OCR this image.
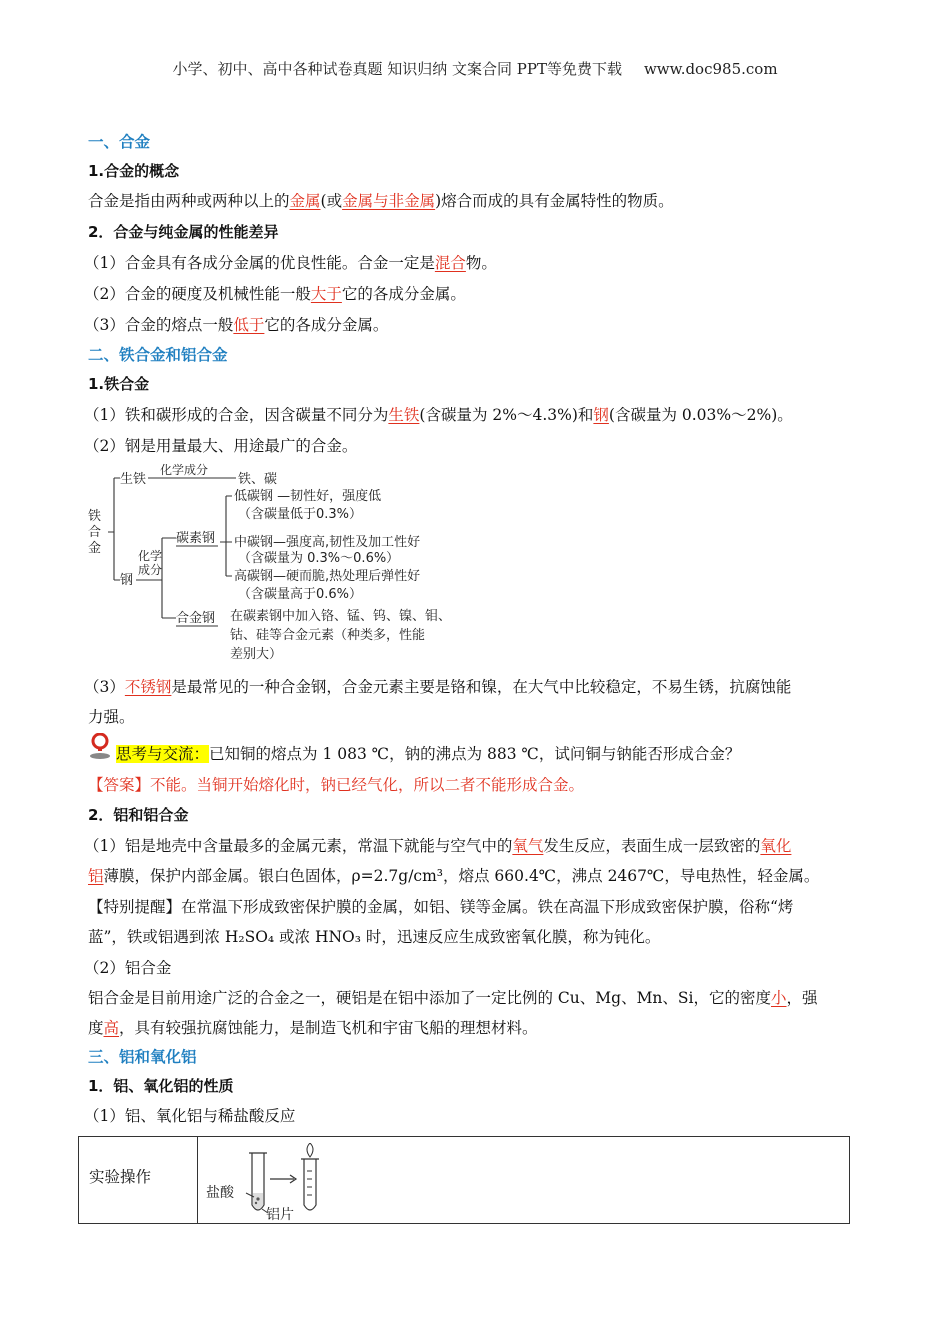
小学、初中、高中各种试卷真题 知识归纳 文案合同 PPT等免费下载 www.doc985.com
一、合金
1.合金的概念
合金是指由两种或两种以上的金属(或金属与非金属)熔合而成的具有金属特性的物质。
2．合金与纯金属的性能差异
（1）合金具有各成分金属的优良性能。合金一定是混合物。
（2）合金的硬度及机械性能一般大于它的各成分金属。
（3）合金的熔点一般低于它的各成分金属。
二、铁合金和铝合金
1.铁合金
（1）铁和碳形成的合金，因含碳量不同分为生铁(含碳量为 2%～4.3%)和钢(含碳量为 0.03%～2%)。
（2）钢是用量最大、用途最广的合金。
铁
合
金
生铁
化学成分
铁、碳
钢
化学
成分
碳素钢
低碳钢 —韧性好，强度低
（含碳量低于0.3%）
中碳钢—强度高,韧性及加工性好
（含碳量为 0.3%～0.6%）
高碳钢—硬而脆,热处理后弹性好
（含碳量高于0.6%）
合金钢 在碳素钢中加入铬、锰、钨、镍、钼、
钴、硅等合金元素（种类多，性能
差别大）
（3）不锈钢是最常见的一种合金钢，合金元素主要是铬和镍，在大气中比较稳定，不易生锈，抗腐蚀能
力强。
思考与交流：已知铜的熔点为 1 083 ℃，钠的沸点为 883 ℃，试问铜与钠能否形成合金？
【答案】不能。当铜开始熔化时，钠已经气化，所以二者不能形成合金。
2．铝和铝合金
（1）铝是地壳中含量最多的金属元素，常温下就能与空气中的氧气发生反应，表面生成一层致密的氧化
铝薄膜，保护内部金属。银白色固体，ρ=2.7g/cm³，熔点 660.4℃，沸点 2467℃，导电热性，轻金属。
【特别提醒】在常温下形成致密保护膜的金属，如铝、镁等金属。铁在高温下形成致密保护膜，俗称“烤
蓝”，铁或铝遇到浓 H₂SO₄ 或浓 HNO₃ 时，迅速反应生成致密氧化膜，称为钝化。
（2）铝合金
铝合金是目前用途广泛的合金之一，硬铝是在铝中添加了一定比例的 Cu、Mg、Mn、Si，它的密度小，强
度高，具有较强抗腐蚀能力，是制造飞机和宇宙飞船的理想材料。
三、铝和氧化铝
1．铝、氧化铝的性质
（1）铝、氧化铝与稀盐酸反应
实验操作	
盐酸
铝片
